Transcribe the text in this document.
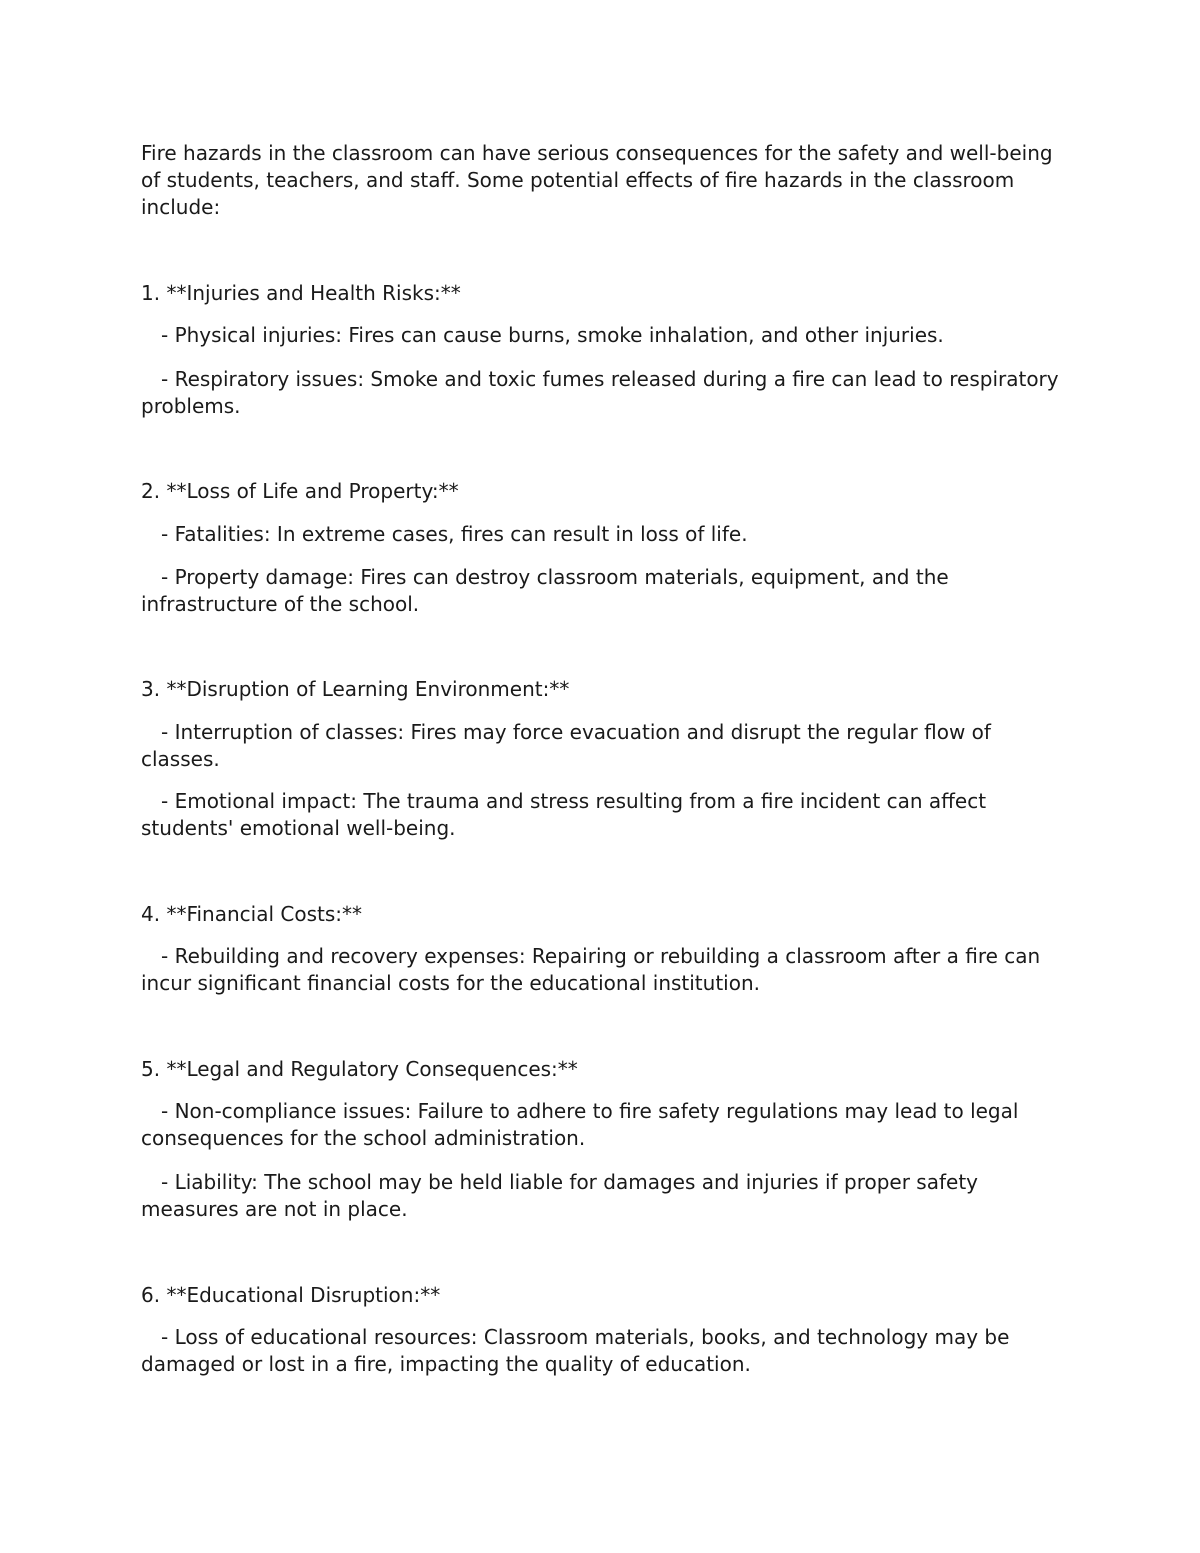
Fire hazards in the classroom can have serious consequences for the safety and well-being of students, teachers, and staff. Some potential effects of fire hazards in the classroom include:

1. **Injuries and Health Risks:**

- Physical injuries: Fires can cause burns, smoke inhalation, and other injuries.

- Respiratory issues: Smoke and toxic fumes released during a fire can lead to respiratory problems.

2. **Loss of Life and Property:**

- Fatalities: In extreme cases, fires can result in loss of life.

- Property damage: Fires can destroy classroom materials, equipment, and the infrastructure of the school.

3. **Disruption of Learning Environment:**

- Interruption of classes: Fires may force evacuation and disrupt the regular flow of classes.

- Emotional impact: The trauma and stress resulting from a fire incident can affect students' emotional well-being.

4. **Financial Costs:**

- Rebuilding and recovery expenses: Repairing or rebuilding a classroom after a fire can incur significant financial costs for the educational institution.

5. **Legal and Regulatory Consequences:**

- Non-compliance issues: Failure to adhere to fire safety regulations may lead to legal consequences for the school administration.

- Liability: The school may be held liable for damages and injuries if proper safety measures are not in place.

6. **Educational Disruption:**

- Loss of educational resources: Classroom materials, books, and technology may be damaged or lost in a fire, impacting the quality of education.
